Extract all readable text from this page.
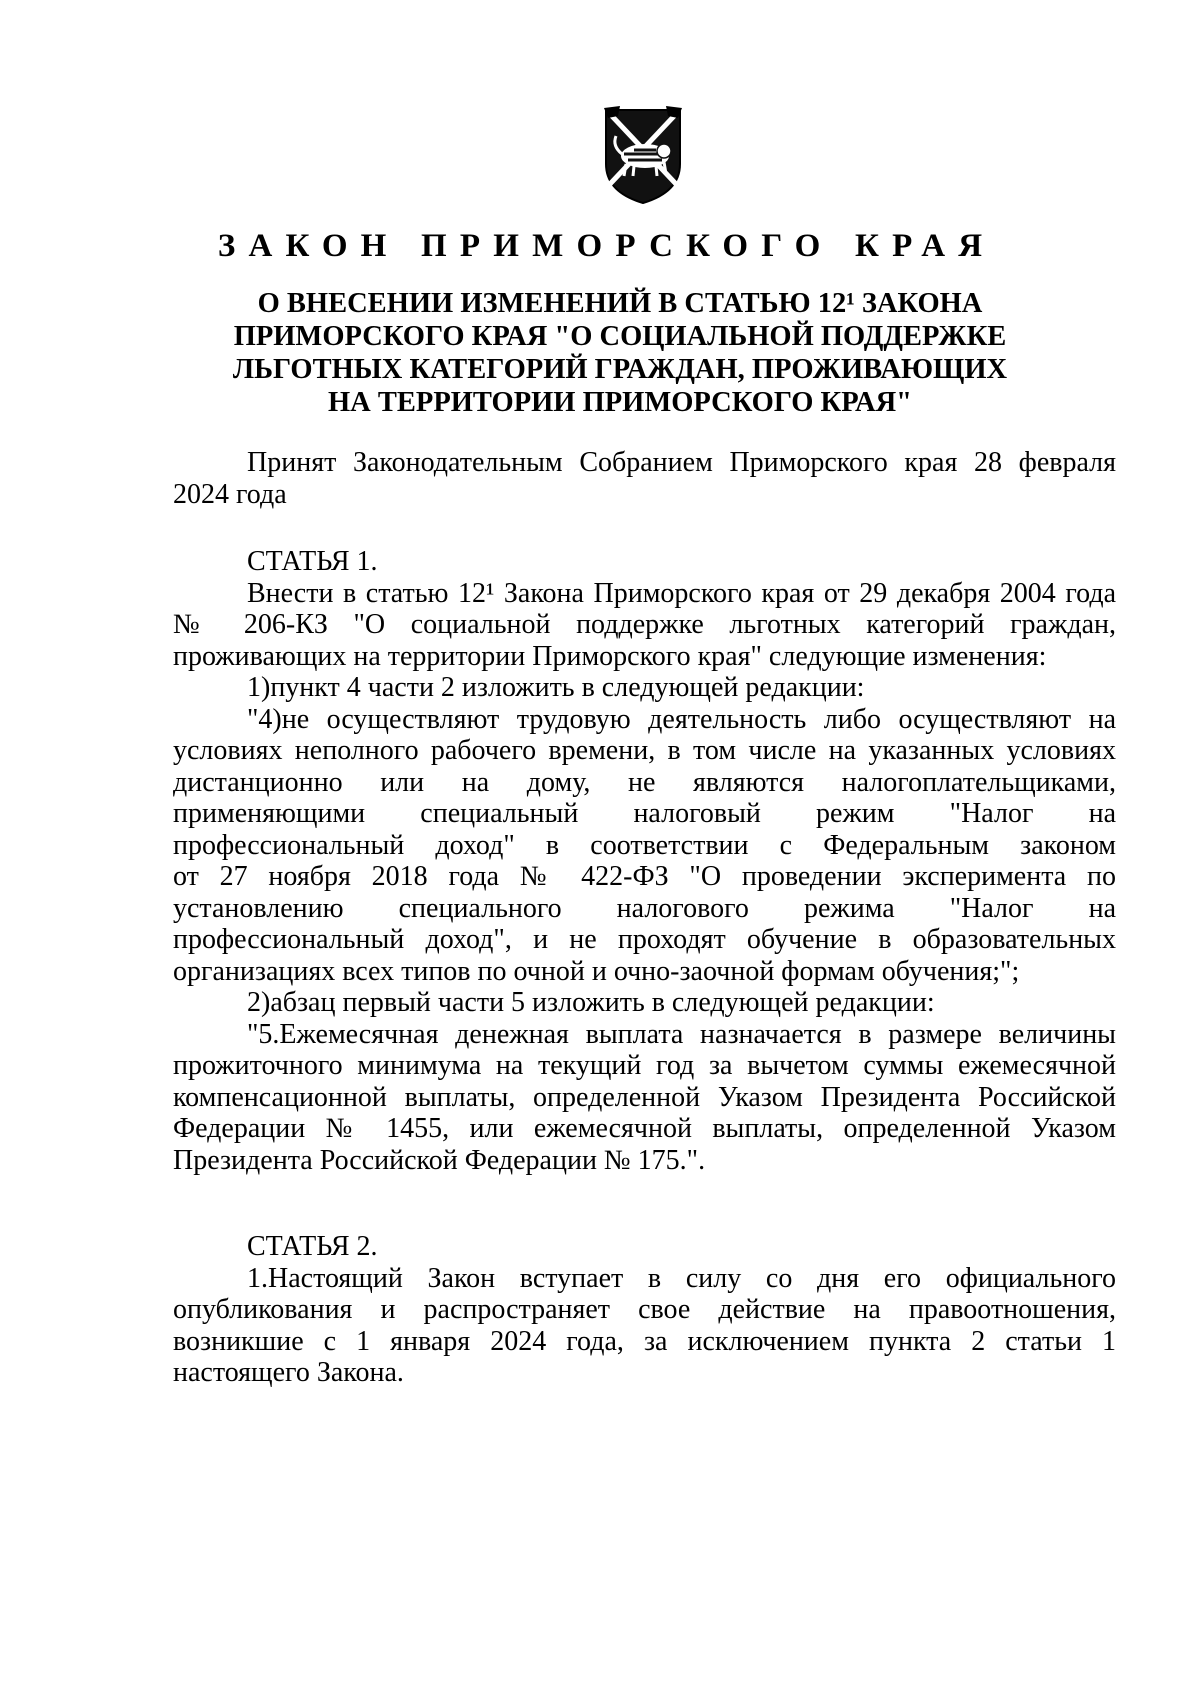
ЗАКОН ПРИМОРСКОГО КРАЯ
О ВНЕСЕНИИ ИЗМЕНЕНИЙ В СТАТЬЮ 12¹ ЗАКОНА
ПРИМОРСКОГО КРАЯ "О СОЦИАЛЬНОЙ ПОДДЕРЖКЕ
ЛЬГОТНЫХ КАТЕГОРИЙ ГРАЖДАН, ПРОЖИВАЮЩИХ
НА ТЕРРИТОРИИ ПРИМОРСКОГО КРАЯ"

Принят Законодательным Собранием Приморского края 28 февраля

2024 года

СТАТЬЯ 1.

Внести в статью 12¹ Закона Приморского края от 29 декабря 2004 года

№ 206-КЗ "О социальной поддержке льготных категорий граждан,

проживающих на территории Приморского края" следующие изменения:

1)пункт 4 части 2 изложить в следующей редакции:

"4)не осуществляют трудовую деятельность либо осуществляют на

условиях неполного рабочего времени, в том числе на указанных условиях

дистанционно или на дому, не являются налогоплательщиками,

применяющими специальный налоговый режим "Налог на

профессиональный доход" в соответствии с Федеральным законом

от 27 ноября 2018 года № 422-ФЗ "О проведении эксперимента по

установлению специального налогового режима "Налог на

профессиональный доход", и не проходят обучение в образовательных

организациях всех типов по очной и очно-заочной формам обучения;";

2)абзац первый части 5 изложить в следующей редакции:

"5.Ежемесячная денежная выплата назначается в размере величины

прожиточного минимума на текущий год за вычетом суммы ежемесячной

компенсационной выплаты, определенной Указом Президента Российской

Федерации № 1455, или ежемесячной выплаты, определенной Указом

Президента Российской Федерации № 175.".

СТАТЬЯ 2.

1.Настоящий Закон вступает в силу со дня его официального

опубликования и распространяет свое действие на правоотношения,

возникшие с 1 января 2024 года, за исключением пункта 2 статьи 1

настоящего Закона.
